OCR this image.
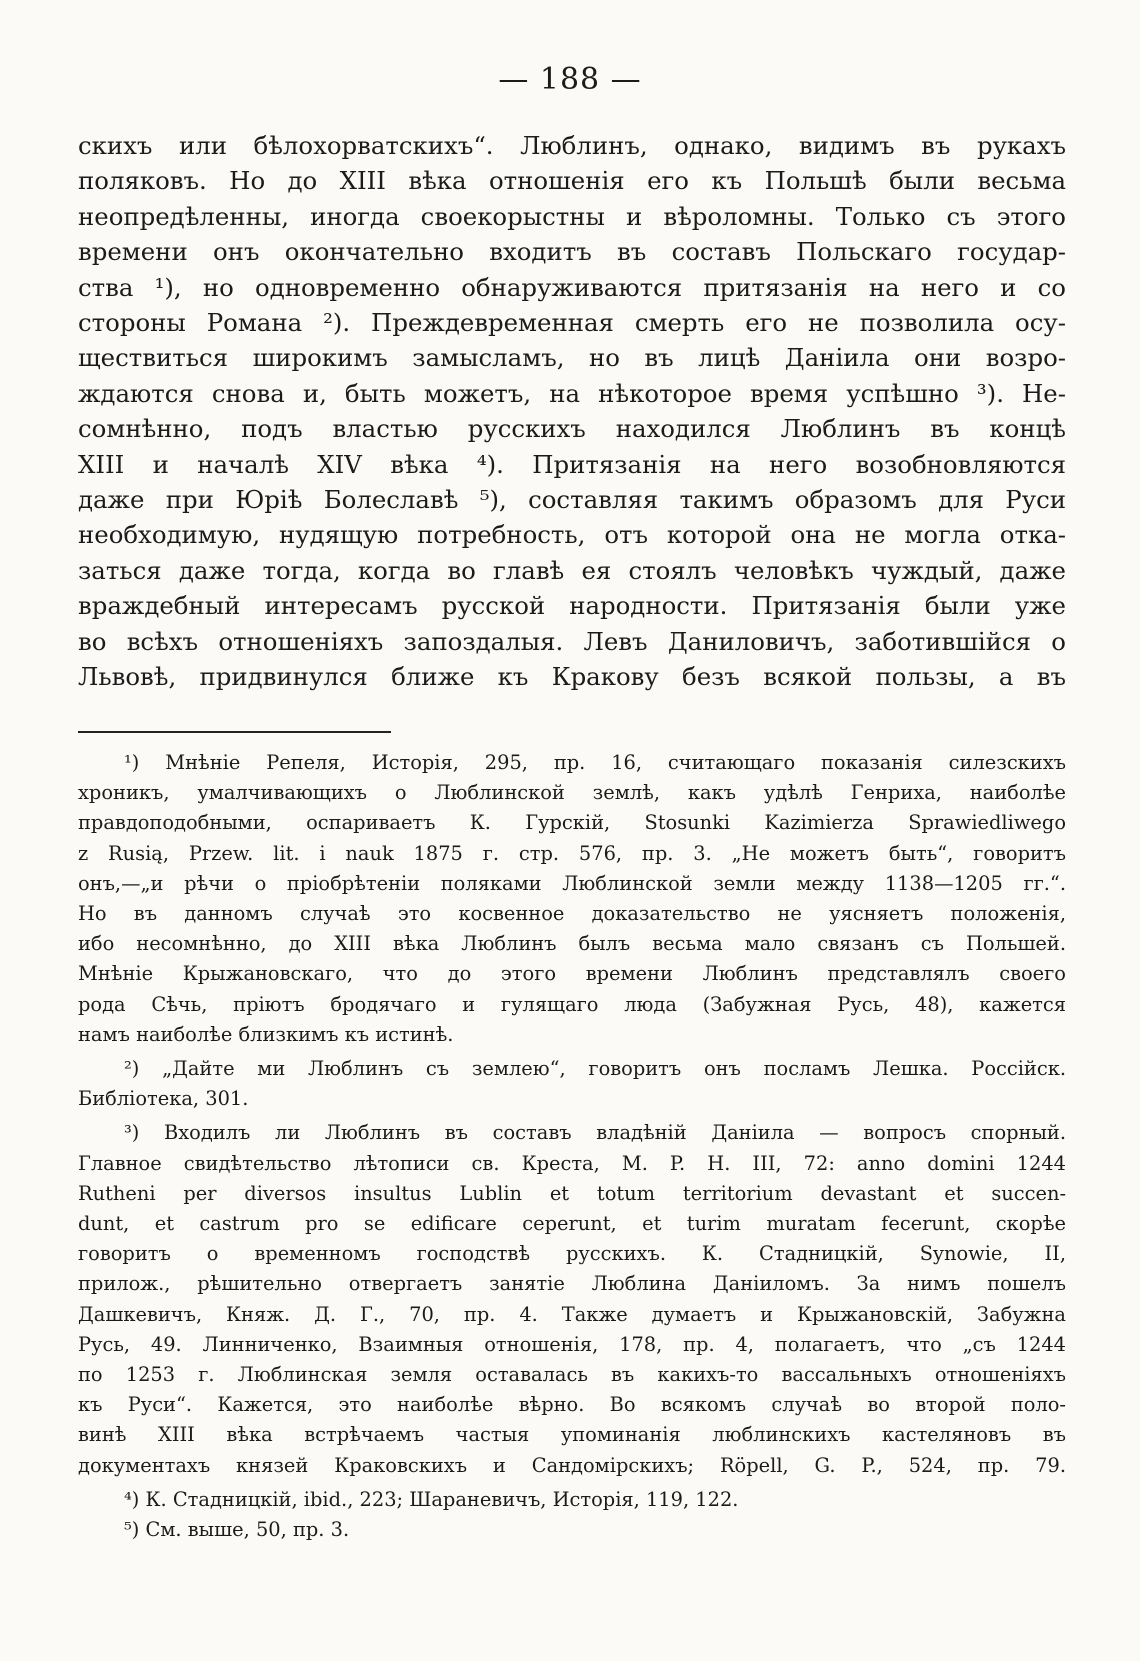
— 188 —
скихъ или бѣлохорватскихъ“. Люблинъ, однако, видимъ въ рукахъ
поляковъ. Но до XIII вѣка отношенія его къ Польшѣ были весьма
неопредѣленны, иногда своекорыстны и вѣроломны. Только съ этого
времени онъ окончательно входитъ въ составъ Польскаго государ-
ства ¹), но одновременно обнаруживаются притязанія на него и со
стороны Романа ²). Преждевременная смерть его не позволила осу-
ществиться широкимъ замысламъ, но въ лицѣ Даніила они возро-
ждаются снова и, быть можетъ, на нѣкоторое время успѣшно ³). Не-
сомнѣнно, подъ властью русскихъ находился Люблинъ въ концѣ
XIII и началѣ XIV вѣка ⁴). Притязанія на него возобновляются
даже при Юріѣ Болеславѣ ⁵), составляя такимъ образомъ для Руси
необходимую, нудящую потребность, отъ которой она не могла отка-
заться даже тогда, когда во главѣ ея стоялъ человѣкъ чуждый, даже
враждебный интересамъ русской народности. Притязанія были уже
во всѣхъ отношеніяхъ запоздалыя. Левъ Даниловичъ, заботившійся о
Львовѣ, придвинулся ближе къ Кракову безъ всякой пользы, а въ
¹) Мнѣніе Репеля, Исторія, 295, пр. 16, считающаго показанія силезскихъ
хроникъ, умалчивающихъ о Люблинской землѣ, какъ удѣлѣ Генриха, наиболѣе
правдоподобными, оспариваетъ К. Гурскій, Stosunki Kazimierza Sprawiedliwego
z Rusią, Przew. lit. i nauk 1875 г. стр. 576, пр. 3. „Не можетъ быть“, говоритъ
онъ,—„и рѣчи о пріобрѣтеніи поляками Люблинской земли между 1138—1205 гг.“.
Но въ данномъ случаѣ это косвенное доказательство не уясняетъ положенія,
ибо несомнѣнно, до XIII вѣка Люблинъ былъ весьма мало связанъ съ Польшей.
Мнѣніе Крыжановскаго, что до этого времени Люблинъ представлялъ своего
рода Сѣчь, пріютъ бродячаго и гулящаго люда (Забужная Русь, 48), кажется
намъ наиболѣе близкимъ къ истинѣ.
²) „Дайте ми Люблинъ съ землею“, говоритъ онъ посламъ Лешка. Россійск.
Библіотека, 301.
³) Входилъ ли Люблинъ въ составъ владѣній Даніила — вопросъ спорный.
Главное свидѣтельство лѣтописи св. Креста, M. P. H. III, 72: anno domini 1244
Rutheni per diversos insultus Lublin et totum territorium devastant et succen-
dunt, et castrum pro se edificare ceperunt, et turim muratam fecerunt, скорѣе
говоритъ о временномъ господствѣ русскихъ. К. Стадницкій, Synowie, II,
прилож., рѣшительно отвергаетъ занятіе Люблина Даніиломъ. За нимъ пошелъ
Дашкевичъ, Княж. Д. Г., 70, пр. 4. Также думаетъ и Крыжановскій, Забужна
Русь, 49. Линниченко, Взаимныя отношенія, 178, пр. 4, полагаетъ, что „съ 1244
по 1253 г. Люблинская земля оставалась въ какихъ-то вассальныхъ отношеніяхъ
къ Руси“. Кажется, это наиболѣе вѣрно. Во всякомъ случаѣ во второй поло-
винѣ XIII вѣка встрѣчаемъ частыя упоминанія люблинскихъ кастеляновъ въ
документахъ князей Краковскихъ и Сандомірскихъ; Röpell, G. P., 524, пр. 79.
⁴) К. Стадницкій, ibid., 223; Шараневичъ, Исторія, 119, 122.
⁵) См. выше, 50, пр. 3.
